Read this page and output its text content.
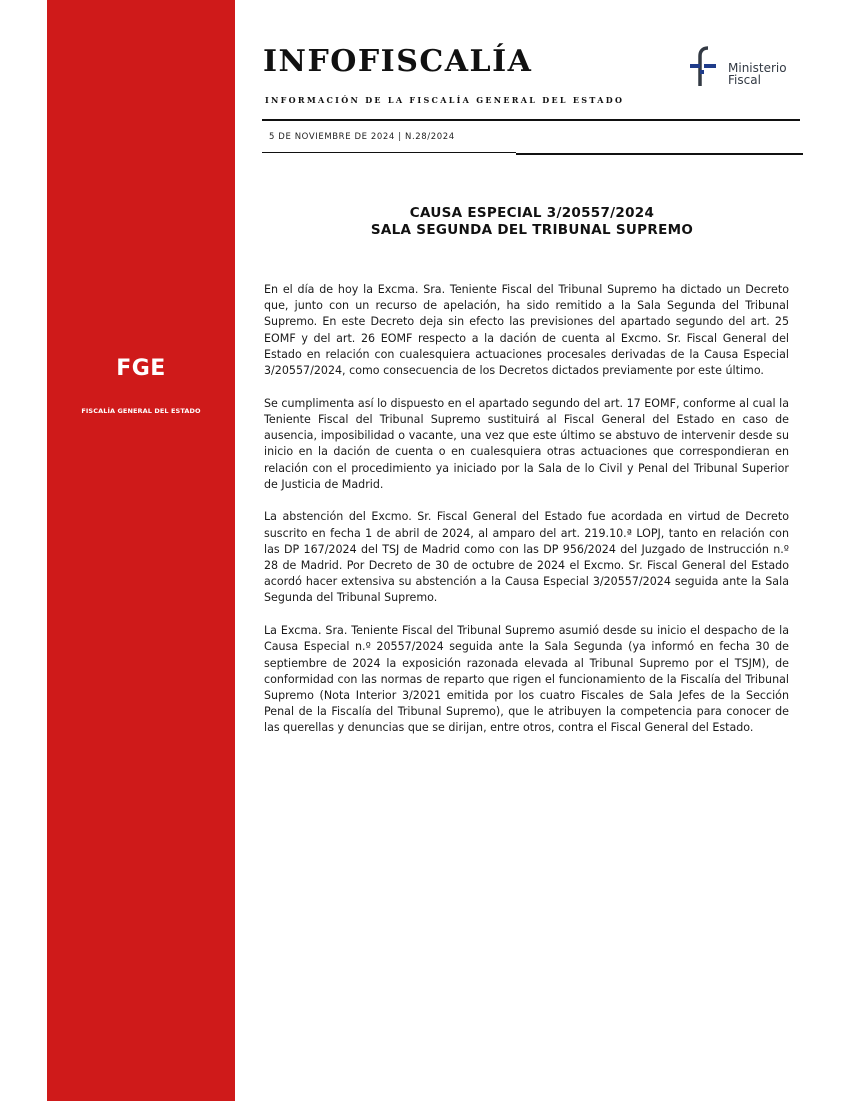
FGE
FISCALÍA GENERAL DEL ESTADO
INFOFISCALÍA
INFORMACIÓN DE LA FISCALÍA GENERAL DEL ESTADO
Ministerio
Fiscal
5 DE NOVIEMBRE DE 2024 | N.28/2024
CAUSA ESPECIAL 3/20557/2024
SALA SEGUNDA DEL TRIBUNAL SUPREMO

En el día de hoy la Excma. Sra. Teniente Fiscal del Tribunal Supremo ha dictado un Decreto que, junto con un recurso de apelación, ha sido remitido a la Sala Segunda del Tribunal Supremo. En este Decreto deja sin efecto las previsiones del apartado segundo del art. 25 EOMF y del art. 26 EOMF respecto a la dación de cuenta al Excmo. Sr. Fiscal General del Estado en relación con cualesquiera actuaciones procesales derivadas de la Causa Especial 3/20557/2024, como consecuencia de los Decretos dictados previamente por este último.

Se cumplimenta así lo dispuesto en el apartado segundo del art. 17 EOMF, conforme al cual la Teniente Fiscal del Tribunal Supremo sustituirá al Fiscal General del Estado en caso de ausencia, imposibilidad o vacante, una vez que este último se abstuvo de intervenir desde su inicio en la dación de cuenta o en cualesquiera otras actuaciones que correspondieran en relación con el procedimiento ya iniciado por la Sala de lo Civil y Penal del Tribunal Superior de Justicia de Madrid.

La abstención del Excmo. Sr. Fiscal General del Estado fue acordada en virtud de Decreto suscrito en fecha 1 de abril de 2024, al amparo del art. 219.10.ª LOPJ, tanto en relación con las DP 167/2024 del TSJ de Madrid como con las DP 956/2024 del Juzgado de Instrucción n.º 28 de Madrid. Por Decreto de 30 de octubre de 2024 el Excmo. Sr. Fiscal General del Estado acordó hacer extensiva su abstención a la Causa Especial 3/20557/2024 seguida ante la Sala Segunda del Tribunal Supremo.

La Excma. Sra. Teniente Fiscal del Tribunal Supremo asumió desde su inicio el despacho de la Causa Especial n.º 20557/2024 seguida ante la Sala Segunda (ya informó en fecha 30 de septiembre de 2024 la exposición razonada elevada al Tribunal Supremo por el TSJM), de conformidad con las normas de reparto que rigen el funcionamiento de la Fiscalía del Tribunal Supremo (Nota Interior 3/2021 emitida por los cuatro Fiscales de Sala Jefes de la Sección Penal de la Fiscalía del Tribunal Supremo), que le atribuyen la competencia para conocer de las querellas y denuncias que se dirijan, entre otros, contra el Fiscal General del Estado.
